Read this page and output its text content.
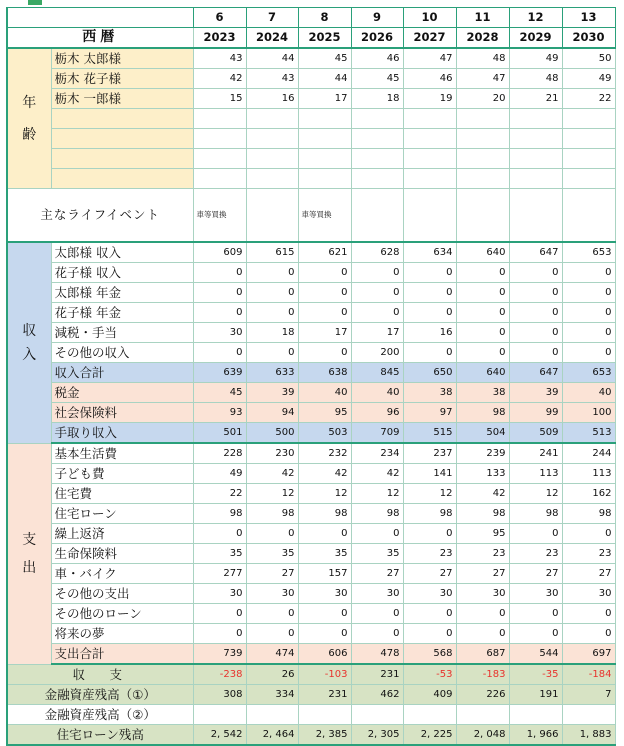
		6	7	8	9	10	11	12	13
西暦		2023	2024	2025	2026	2027	2028	2029	2030
年

齢	栃木 太郎様	43	44	45	46	47	48	49	50
	栃木 花子様	42	43	44	45	46	47	48	49
	栃木 一郎様	15	16	17	18	19	20	21	22

主なライフイベント		車等買換		車等買換					
収
入	太郎様 収入	609	615	621	628	634	640	647	653
	花子様 収入	0	0	0	0	0	0	0	0
	太郎様 年金	0	0	0	0	0	0	0	0
	花子様 年金	0	0	0	0	0	0	0	0
	減税・手当	30	18	17	17	16	0	0	0
	その他の収入	0	0	0	200	0	0	0	0
	収入合計	639	633	638	845	650	640	647	653
	税金	45	39	40	40	38	38	39	40
	社会保険料	93	94	95	96	97	98	99	100
	手取り収入	501	500	503	709	515	504	509	513
支

出	基本生活費	228	230	232	234	237	239	241	244
	子ども費	49	42	42	42	141	133	113	113
	住宅費	22	12	12	12	12	42	12	162
	住宅ローン	98	98	98	98	98	98	98	98
	繰上返済	0	0	0	0	0	95	0	0
	生命保険料	35	35	35	35	23	23	23	23
	車・バイク	277	27	157	27	27	27	27	27
	その他の支出	30	30	30	30	30	30	30	30
	その他のローン	0	0	0	0	0	0	0	0
	将来の夢	0	0	0	0	0	0	0	0
	支出合計	739	474	606	478	568	687	544	697
収　支		-238	26	-103	231	-53	-183	-35	-184
金融資産残高（①）		308	334	231	462	409	226	191	7
金融資産残高（②）									
住宅ローン残高		2, 542	2, 464	2, 385	2, 305	2, 225	2, 048	1, 966	1, 883
